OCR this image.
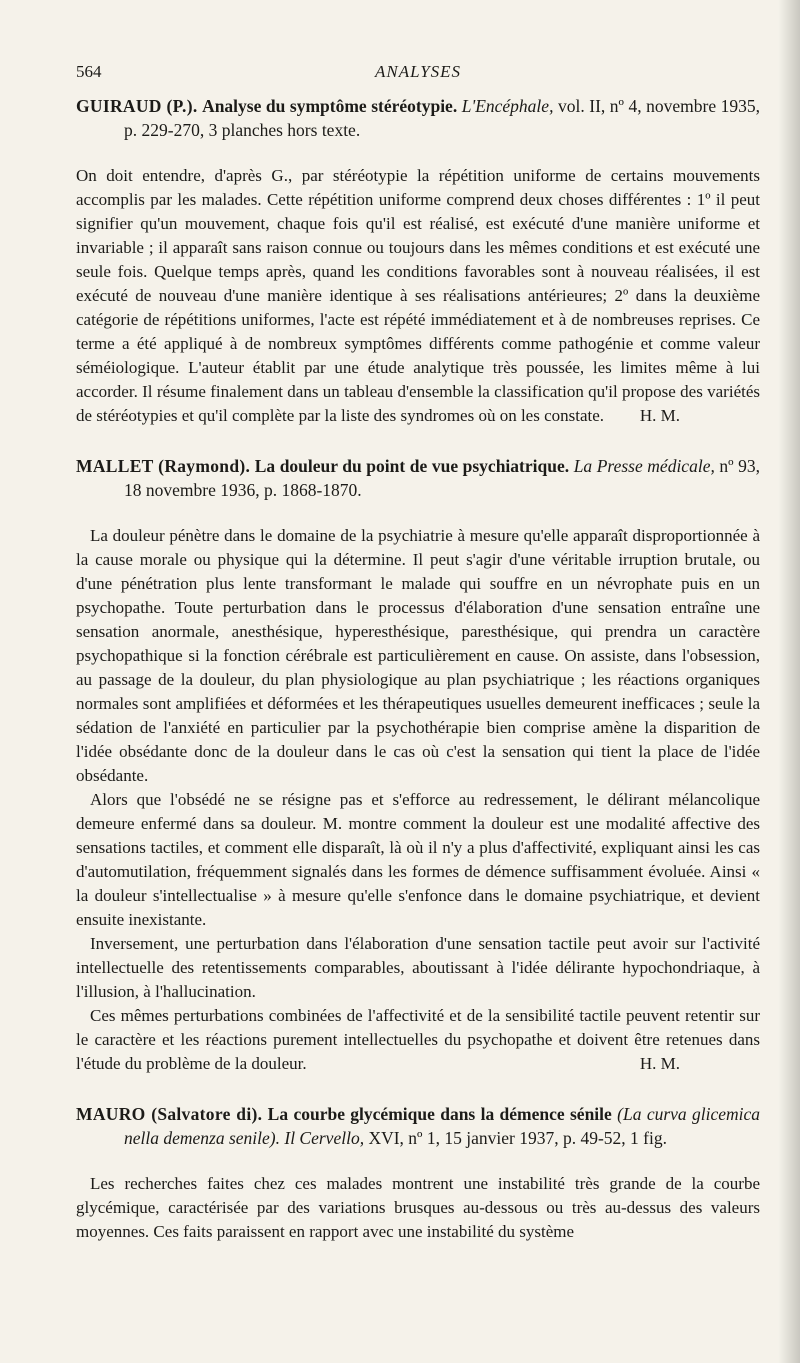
564	ANALYSES

GUIRAUD (P.). Analyse du symptôme stéréotypie. L'Encéphale, vol. II, nº 4, novembre 1935, p. 229-270, 3 planches hors texte.

On doit entendre, d'après G., par stéréotypie la répétition uniforme de certains mouvements accomplis par les malades. Cette répétition uniforme comprend deux choses différentes : 1º il peut signifier qu'un mouvement, chaque fois qu'il est réalisé, est exécuté d'une manière uniforme et invariable ; il apparaît sans raison connue ou toujours dans les mêmes conditions et est exécuté une seule fois. Quelque temps après, quand les conditions favorables sont à nouveau réalisées, il est exécuté de nouveau d'une manière identique à ses réalisations antérieures; 2º dans la deuxième catégorie de répétitions uniformes, l'acte est répété immédiatement et à de nombreuses reprises. Ce terme a été appliqué à de nombreux symptômes différents comme pathogénie et comme valeur séméiologique. L'auteur établit par une étude analytique très poussée, les limites même à lui accorder. Il résume finalement dans un tableau d'ensemble la classification qu'il propose des variétés de stéréotypies et qu'il complète par la liste des syndromes où on les constate. H. M.

MALLET (Raymond). La douleur du point de vue psychiatrique. La Presse médicale, nº 93, 18 novembre 1936, p. 1868-1870.

La douleur pénètre dans le domaine de la psychiatrie à mesure qu'elle apparaît disproportionnée à la cause morale ou physique qui la détermine. Il peut s'agir d'une véritable irruption brutale, ou d'une pénétration plus lente transformant le malade qui souffre en un névrophate puis en un psychopathe. Toute perturbation dans le processus d'élaboration d'une sensation entraîne une sensation anormale, anesthésique, hyperesthésique, paresthésique, qui prendra un caractère psychopathique si la fonction cérébrale est particulièrement en cause. On assiste, dans l'obsession, au passage de la douleur, du plan physiologique au plan psychiatrique ; les réactions organiques normales sont amplifiées et déformées et les thérapeutiques usuelles demeurent inefficaces ; seule la sédation de l'anxiété en particulier par la psychothérapie bien comprise amène la disparition de l'idée obsédante donc de la douleur dans le cas où c'est la sensation qui tient la place de l'idée obsédante.

Alors que l'obsédé ne se résigne pas et s'efforce au redressement, le délirant mélancolique demeure enfermé dans sa douleur. M. montre comment la douleur est une modalité affective des sensations tactiles, et comment elle disparaît, là où il n'y a plus d'affectivité, expliquant ainsi les cas d'automutilation, fréquemment signalés dans les formes de démence suffisamment évoluée. Ainsi « la douleur s'intellectualise » à mesure qu'elle s'enfonce dans le domaine psychiatrique, et devient ensuite inexistante.

Inversement, une perturbation dans l'élaboration d'une sensation tactile peut avoir sur l'activité intellectuelle des retentissements comparables, aboutissant à l'idée délirante hypochondriaque, à l'illusion, à l'hallucination.

Ces mêmes perturbations combinées de l'affectivité et de la sensibilité tactile peuvent retentir sur le caractère et les réactions purement intellectuelles du psychopathe et doivent être retenues dans l'étude du problème de la douleur.	H. M.

MAURO (Salvatore di). La courbe glycémique dans la démence sénile (La curva glicemica nella demenza senile). Il Cervello, XVI, nº 1, 15 janvier 1937, p. 49-52, 1 fig.

Les recherches faites chez ces malades montrent une instabilité très grande de la courbe glycémique, caractérisée par des variations brusques au-dessous ou très au-dessus des valeurs moyennes. Ces faits paraissent en rapport avec une instabilité du système
